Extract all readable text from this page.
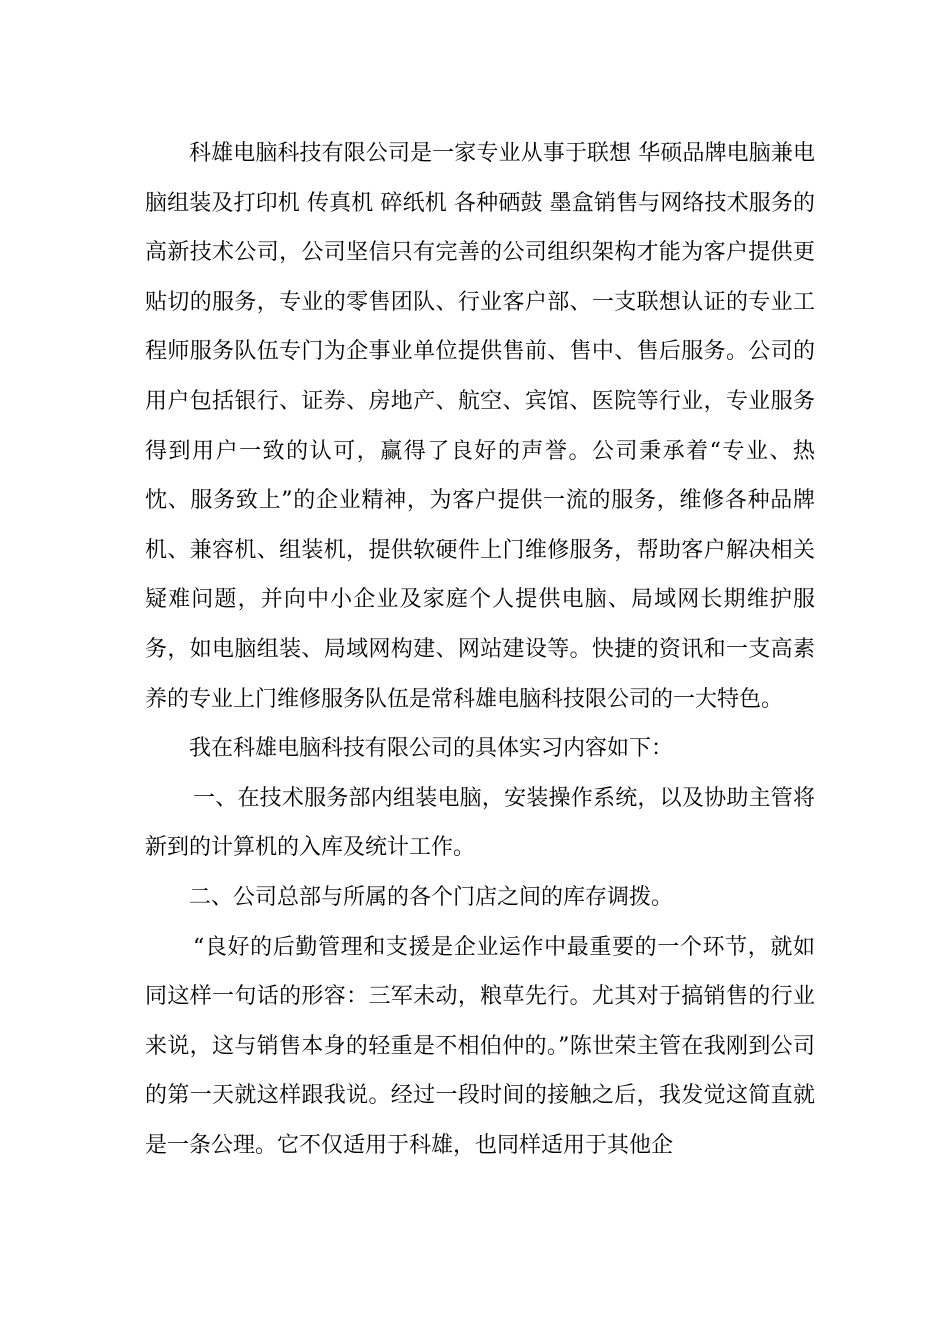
科雄电脑科技有限公司是一家专业从事于联想 华硕品牌电脑兼电脑组装及打印机 传真机 碎纸机 各种硒鼓 墨盒销售与网络技术服务的高新技术公司，公司坚信只有完善的公司组织架构才能为客户提供更贴切的服务，专业的零售团队、行业客户部、一支联想认证的专业工程师服务队伍专门为企事业单位提供售前、售中、售后服务。公司的用户包括银行、证券、房地产、航空、宾馆、医院等行业，专业服务得到用户一致的认可，赢得了良好的声誉。公司秉承着“专业、热忱、服务致上”的企业精神，为客户提供一流的服务，维修各种品牌机、兼容机、组装机，提供软硬件上门维修服务，帮助客户解决相关疑难问题，并向中小企业及家庭个人提供电脑、局域网长期维护服务，如电脑组装、局域网构建、网站建设等。快捷的资讯和一支高素养的专业上门维修服务队伍是常科雄电脑科技限公司的一大特色。

我在科雄电脑科技有限公司的具体实习内容如下：

一、在技术服务部内组装电脑，安装操作系统，以及协助主管将新到的计算机的入库及统计工作。

二、公司总部与所属的各个门店之间的库存调拨。

“良好的后勤管理和支援是企业运作中最重要的一个环节，就如同这样一句话的形容：三军未动，粮草先行。尤其对于搞销售的行业来说，这与销售本身的轻重是不相伯仲的。”陈世荣主管在我刚到公司的第一天就这样跟我说。经过一段时间的接触之后，我发觉这简直就是一条公理。它不仅适用于科雄，也同样适用于其他企
